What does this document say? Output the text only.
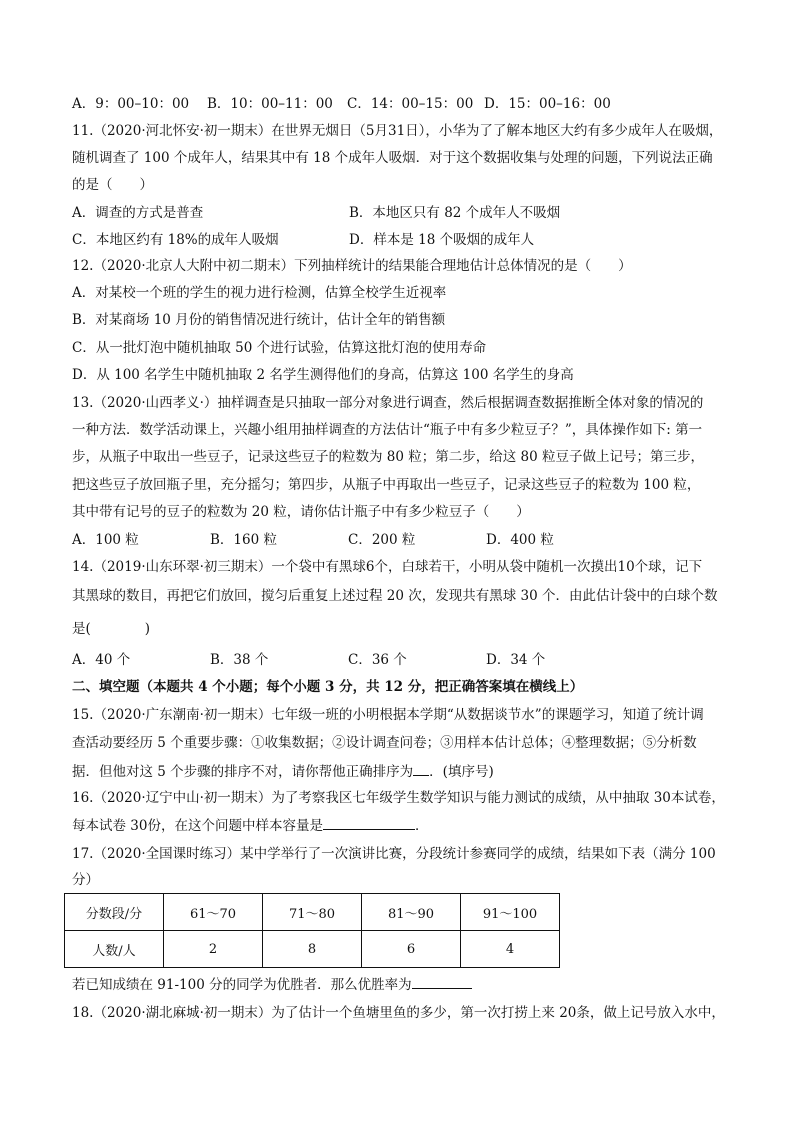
A．9：00–10：00 B．10：00–11：00 C．14：00–15：00 D．15：00–16：00
11.（2020·河北怀安·初一期末）在世界无烟日（5月31日），小华为了了解本地区大约有多少成年人在吸烟，
随机调查了 100 个成年人，结果其中有 18 个成年人吸烟．对于这个数据收集与处理的问题，下列说法正确
的是（　　）
A．调查的方式是普查	B．本地区只有 82 个成年人不吸烟
C．本地区约有 18%的成年人吸烟	D．样本是 18 个吸烟的成年人
12.（2020·北京人大附中初二期末）下列抽样统计的结果能合理地估计总体情况的是（　　）
A．对某校一个班的学生的视力进行检测，估算全校学生近视率
B．对某商场 10 月份的销售情况进行统计，估计全年的销售额
C．从一批灯泡中随机抽取 50 个进行试验，估算这批灯泡的使用寿命
D．从 100 名学生中随机抽取 2 名学生测得他们的身高，估算这 100 名学生的身高
13.（2020·山西孝义·）抽样调查是只抽取一部分对象进行调查，然后根据调查数据推断全体对象的情况的
一种方法．数学活动课上，兴趣小组用抽样调查的方法估计“瓶子中有多少粒豆子？”，具体操作如下: 第一
步，从瓶子中取出一些豆子，记录这些豆子的粒数为 80 粒；第二步，给这 80 粒豆子做上记号；第三步，
把这些豆子放回瓶子里，充分摇匀；第四步，从瓶子中再取出一些豆子，记录这些豆子的粒数为 100 粒，
其中带有记号的豆子的粒数为 20 粒，请你估计瓶子中有多少粒豆子（　　）
A．100 粒	B．160 粒	C．200 粒	D．400 粒
14.（2019·山东环翠·初三期末）一个袋中有黑球6个，白球若干，小明从袋中随机一次摸出10个球，记下
其黑球的数目，再把它们放回，搅匀后重复上述过程 20 次，发现共有黑球 30 个．由此估计袋中的白球个数
是(　　　　)
A．40 个	B．38 个	C．36 个	D．34 个
二、填空题（本题共 4 个小题；每个小题 3 分，共 12 分，把正确答案填在横线上）
15.（2020·广东潮南·初一期末）七年级一班的小明根据本学期“从数据谈节水”的课题学习，知道了统计调
查活动要经历 5 个重要步骤：①收集数据；②设计调查问卷；③用样本估计总体；④整理数据；⑤分析数
据．但他对这 5 个步骤的排序不对，请你帮他正确排序为 ．(填序号)
16.（2020·辽宁中山·初一期末）为了考察我区七年级学生数学知识与能力测试的成绩，从中抽取 30本试卷，
每本试卷 30份，在这个问题中样本容量是	．
17.（2020·全国课时练习）某中学举行了一次演讲比赛，分段统计参赛同学的成绩，结果如下表（满分 100
分）
分数段/分	61～70	71～80	81～90	91～100
人数/人	2	8	6	4
若已知成绩在 91-100 分的同学为优胜者．那么优胜率为
18.（2020·湖北麻城·初一期末）为了估计一个鱼塘里鱼的多少，第一次打捞上来 20条，做上记号放入水中，
